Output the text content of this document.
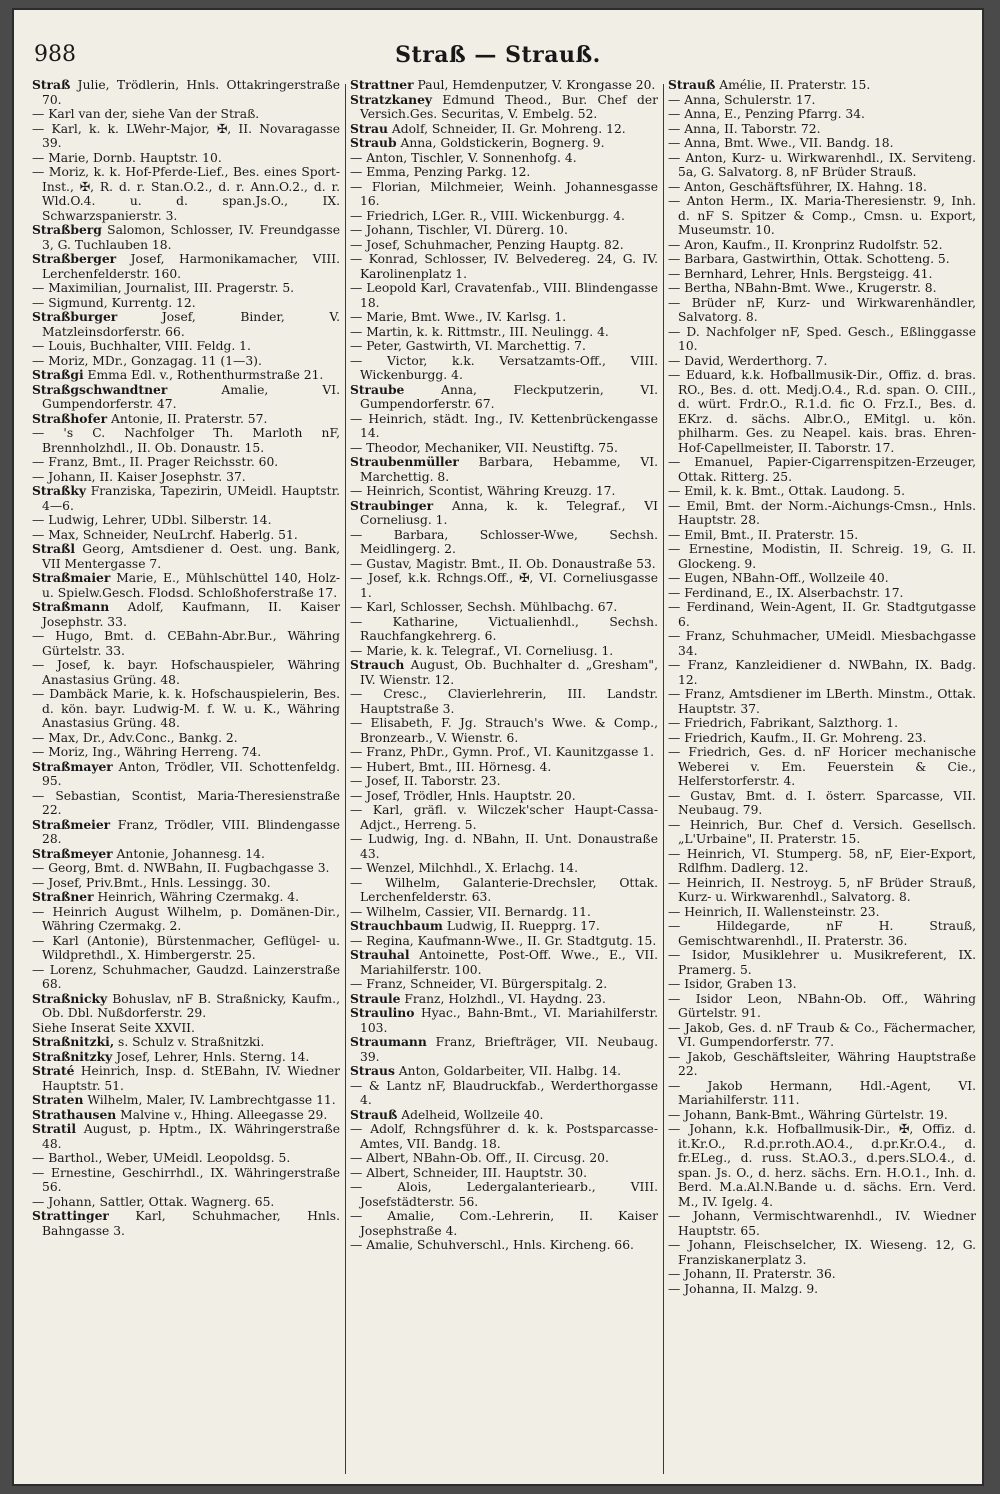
988	Straß — Strauß.

Straß Julie, Trödlerin, Hnls. Ottakringerstraße 70.

— Karl van der, siehe Van der Straß.

— Karl, k. k. LWehr-Major, ✠, II. Novaragasse 39.

— Marie, Dornb. Hauptstr. 10.

— Moriz, k. k. Hof-Pferde-Lief., Bes. eines Sport-Inst., ✠, R. d. r. Stan.O.2., d. r. Ann.O.2., d. r. Wld.O.4. u. d. span.Js.O., IX. Schwarzspanierstr. 3.

Straßberg Salomon, Schlosser, IV. Freundgasse 3, G. Tuchlauben 18.

Straßberger Josef, Harmonikamacher, VIII. Lerchenfelderstr. 160.

— Maximilian, Journalist, III. Pragerstr. 5.

— Sigmund, Kurrentg. 12.

Straßburger Josef, Binder, V. Matzleinsdorferstr. 66.

— Louis, Buchhalter, VIII. Feldg. 1.

— Moriz, MDr., Gonzagag. 11 (1—3).

Straßgi Emma Edl. v., Rothenthurmstraße 21.

Straßgschwandtner Amalie, VI. Gumpendorferstr. 47.

Straßhofer Antonie, II. Praterstr. 57.

— 's C. Nachfolger Th. Marloth nF, Brennholzhdl., II. Ob. Donaustr. 15.

— Franz, Bmt., II. Prager Reichsstr. 60.

— Johann, II. Kaiser Josephstr. 37.

Straßky Franziska, Tapezirin, UMeidl. Hauptstr. 4—6.

— Ludwig, Lehrer, UDbl. Silberstr. 14.

— Max, Schneider, NeuLrchf. Haberlg. 51.

Straßl Georg, Amtsdiener d. Oest. ung. Bank, VII Mentergasse 7.

Straßmaier Marie, E., Mühlschüttel 140, Holz- u. Spielw.Gesch. Flodsd. Schloßhoferstraße 17.

Straßmann Adolf, Kaufmann, II. Kaiser Josephstr. 33.

— Hugo, Bmt. d. CEBahn-Abr.Bur., Währing Gürtelstr. 33.

— Josef, k. bayr. Hofschauspieler, Währing Anastasius Grüng. 48.

— Dambäck Marie, k. k. Hofschauspielerin, Bes. d. kön. bayr. Ludwig-M. f. W. u. K., Währing Anastasius Grüng. 48.

— Max, Dr., Adv.Conc., Bankg. 2.

— Moriz, Ing., Währing Herreng. 74.

Straßmayer Anton, Trödler, VII. Schottenfeldg. 95.

— Sebastian, Scontist, Maria-Theresienstraße 22.

Straßmeier Franz, Trödler, VIII. Blindengasse 28.

Straßmeyer Antonie, Johannesg. 14.

— Georg, Bmt. d. NWBahn, II. Fugbachgasse 3.

— Josef, Priv.Bmt., Hnls. Lessingg. 30.

Straßner Heinrich, Währing Czermakg. 4.

— Heinrich August Wilhelm, p. Domänen-Dir., Währing Czermakg. 2.

— Karl (Antonie), Bürstenmacher, Geflügel- u. Wildprethdl., X. Himbergerstr. 25.

— Lorenz, Schuhmacher, Gaudzd. Lainzerstraße 68.

Straßnicky Bohuslav, nF B. Straßnicky, Kaufm., Ob. Dbl. Nußdorferstr. 29.

Siehe Inserat Seite XXVII.

Straßnitzki, s. Schulz v. Straßnitzki.

Straßnitzky Josef, Lehrer, Hnls. Sterng. 14.

Straté Heinrich, Insp. d. StEBahn, IV. Wiedner Hauptstr. 51.

Straten Wilhelm, Maler, IV. Lambrechtgasse 11.

Strathausen Malvine v., Hhing. Alleegasse 29.

Stratil August, p. Hptm., IX. Währingerstraße 48.

— Barthol., Weber, UMeidl. Leopoldsg. 5.

— Ernestine, Geschirrhdl., IX. Währingerstraße 56.

— Johann, Sattler, Ottak. Wagnerg. 65.

Strattinger Karl, Schuhmacher, Hnls. Bahngasse 3.

Strattner Paul, Hemdenputzer, V. Krongasse 20.

Stratzkaney Edmund Theod., Bur. Chef der Versich.Ges. Securitas, V. Embelg. 52.

Strau Adolf, Schneider, II. Gr. Mohreng. 12.

Straub Anna, Goldstickerin, Bognerg. 9.

— Anton, Tischler, V. Sonnenhofg. 4.

— Emma, Penzing Parkg. 12.

— Florian, Milchmeier, Weinh. Johannesgasse 16.

— Friedrich, LGer. R., VIII. Wickenburgg. 4.

— Johann, Tischler, VI. Dürerg. 10.

— Josef, Schuhmacher, Penzing Hauptg. 82.

— Konrad, Schlosser, IV. Belvedereg. 24, G. IV. Karolinenplatz 1.

— Leopold Karl, Cravatenfab., VIII. Blindengasse 18.

— Marie, Bmt. Wwe., IV. Karlsg. 1.

— Martin, k. k. Rittmstr., III. Neulingg. 4.

— Peter, Gastwirth, VI. Marchettig. 7.

— Victor, k.k. Versatzamts-Off., VIII. Wickenburgg. 4.

Straube Anna, Fleckputzerin, VI. Gumpendorferstr. 67.

— Heinrich, städt. Ing., IV. Kettenbrückengasse 14.

— Theodor, Mechaniker, VII. Neustiftg. 75.

Straubenmüller Barbara, Hebamme, VI. Marchettig. 8.

— Heinrich, Scontist, Währing Kreuzg. 17.

Straubinger Anna, k. k. Telegraf., VI Corneliusg. 1.

— Barbara, Schlosser-Wwe, Sechsh. Meidlingerg. 2.

— Gustav, Magistr. Bmt., II. Ob. Donaustraße 53.

— Josef, k.k. Rchngs.Off., ✠, VI. Corneliusgasse 1.

— Karl, Schlosser, Sechsh. Mühlbachg. 67.

— Katharine, Victualienhdl., Sechsh. Rauchfangkehrerg. 6.

— Marie, k. k. Telegraf., VI. Corneliusg. 1.

Strauch August, Ob. Buchhalter d. „Gresham", IV. Wienstr. 12.

— Cresc., Clavierlehrerin, III. Landstr. Hauptstraße 3.

— Elisabeth, F. Jg. Strauch's Wwe. & Comp., Bronzearb., V. Wienstr. 6.

— Franz, PhDr., Gymn. Prof., VI. Kaunitzgasse 1.

— Hubert, Bmt., III. Hörnesg. 4.

— Josef, II. Taborstr. 23.

— Josef, Trödler, Hnls. Hauptstr. 20.

— Karl, gräfl. v. Wilczek'scher Haupt-Cassa-Adjct., Herreng. 5.

— Ludwig, Ing. d. NBahn, II. Unt. Donaustraße 43.

— Wenzel, Milchhdl., X. Erlachg. 14.

— Wilhelm, Galanterie-Drechsler, Ottak. Lerchenfelderstr. 63.

— Wilhelm, Cassier, VII. Bernardg. 11.

Strauchbaum Ludwig, II. Ruepprg. 17.

— Regina, Kaufmann-Wwe., II. Gr. Stadtgutg. 15.

Strauhal Antoinette, Post-Off. Wwe., E., VII. Mariahilferstr. 100.

— Franz, Schneider, VI. Bürgerspitalg. 2.

Straule Franz, Holzhdl., VI. Haydng. 23.

Straulino Hyac., Bahn-Bmt., VI. Mariahilferstr. 103.

Straumann Franz, Briefträger, VII. Neubaug. 39.

Straus Anton, Goldarbeiter, VII. Halbg. 14.

— & Lantz nF, Blaudruckfab., Werderthorgasse 4.

Strauß Adelheid, Wollzeile 40.

— Adolf, Rchngsführer d. k. k. Postsparcasse-Amtes, VII. Bandg. 18.

— Albert, NBahn-Ob. Off., II. Circusg. 20.

— Albert, Schneider, III. Hauptstr. 30.

— Alois, Ledergalanteriearb., VIII. Josefstädterstr. 56.

— Amalie, Com.-Lehrerin, II. Kaiser Josephstraße 4.

— Amalie, Schuhverschl., Hnls. Kircheng. 66.

Strauß Amélie, II. Praterstr. 15.

— Anna, Schulerstr. 17.

— Anna, E., Penzing Pfarrg. 34.

— Anna, II. Taborstr. 72.

— Anna, Bmt. Wwe., VII. Bandg. 18.

— Anton, Kurz- u. Wirkwarenhdl., IX. Serviteng. 5a, G. Salvatorg. 8, nF Brüder Strauß.

— Anton, Geschäftsführer, IX. Hahng. 18.

— Anton Herm., IX. Maria-Theresienstr. 9, Inh. d. nF S. Spitzer & Comp., Cmsn. u. Export, Museumstr. 10.

— Aron, Kaufm., II. Kronprinz Rudolfstr. 52.

— Barbara, Gastwirthin, Ottak. Schotteng. 5.

— Bernhard, Lehrer, Hnls. Bergsteigg. 41.

— Bertha, NBahn-Bmt. Wwe., Krugerstr. 8.

— Brüder nF, Kurz- und Wirkwarenhändler, Salvatorg. 8.

— D. Nachfolger nF, Sped. Gesch., Eßlinggasse 10.

— David, Werderthorg. 7.

— Eduard, k.k. Hofballmusik-Dir., Offiz. d. bras. RO., Bes. d. ott. Medj.O.4., R.d. span. O. CIII., d. würt. Frdr.O., R.1.d. fic O. Frz.I., Bes. d. EKrz. d. sächs. Albr.O., EMitgl. u. kön. philharm. Ges. zu Neapel. kais. bras. Ehren-Hof-Capellmeister, II. Taborstr. 17.

— Emanuel, Papier-Cigarrenspitzen-Erzeuger, Ottak. Ritterg. 25.

— Emil, k. k. Bmt., Ottak. Laudong. 5.

— Emil, Bmt. der Norm.-Aichungs-Cmsn., Hnls. Hauptstr. 28.

— Emil, Bmt., II. Praterstr. 15.

— Ernestine, Modistin, II. Schreig. 19, G. II. Glockeng. 9.

— Eugen, NBahn-Off., Wollzeile 40.

— Ferdinand, E., IX. Alserbachstr. 17.

— Ferdinand, Wein-Agent, II. Gr. Stadtgutgasse 6.

— Franz, Schuhmacher, UMeidl. Miesbachgasse 34.

— Franz, Kanzleidiener d. NWBahn, IX. Badg. 12.

— Franz, Amtsdiener im LBerth. Minstm., Ottak. Hauptstr. 37.

— Friedrich, Fabrikant, Salzthorg. 1.

— Friedrich, Kaufm., II. Gr. Mohreng. 23.

— Friedrich, Ges. d. nF Horicer mechanische Weberei v. Em. Feuerstein & Cie., Helferstorferstr. 4.

— Gustav, Bmt. d. I. österr. Sparcasse, VII. Neubaug. 79.

— Heinrich, Bur. Chef d. Versich. Gesellsch. „L'Urbaine", II. Praterstr. 15.

— Heinrich, VI. Stumperg. 58, nF, Eier-Export, Rdlfhm. Dadlerg. 12.

— Heinrich, II. Nestroyg. 5, nF Brüder Strauß, Kurz- u. Wirkwarenhdl., Salvatorg. 8.

— Heinrich, II. Wallensteinstr. 23.

— Hildegarde, nF H. Strauß, Gemischtwarenhdl., II. Praterstr. 36.

— Isidor, Musiklehrer u. Musikreferent, IX. Pramerg. 5.

— Isidor, Graben 13.

— Isidor Leon, NBahn-Ob. Off., Währing Gürtelstr. 91.

— Jakob, Ges. d. nF Traub & Co., Fächermacher, VI. Gumpendorferstr. 77.

— Jakob, Geschäftsleiter, Währing Hauptstraße 22.

— Jakob Hermann, Hdl.-Agent, VI. Mariahilferstr. 111.

— Johann, Bank-Bmt., Währing Gürtelstr. 19.

— Johann, k.k. Hofballmusik-Dir., ✠, Offiz. d. it.Kr.O., R.d.pr.roth.AO.4., d.pr.Kr.O.4., d. fr.ELeg., d. russ. St.AO.3., d.pers.SLO.4., d. span. Js. O., d. herz. sächs. Ern. H.O.1., Inh. d. Berd. M.a.Al.N.Bande u. d. sächs. Ern. Verd. M., IV. Igelg. 4.

— Johann, Vermischtwarenhdl., IV. Wiedner Hauptstr. 65.

— Johann, Fleischselcher, IX. Wieseng. 12, G. Franziskanerplatz 3.

— Johann, II. Praterstr. 36.

— Johanna, II. Malzg. 9.
